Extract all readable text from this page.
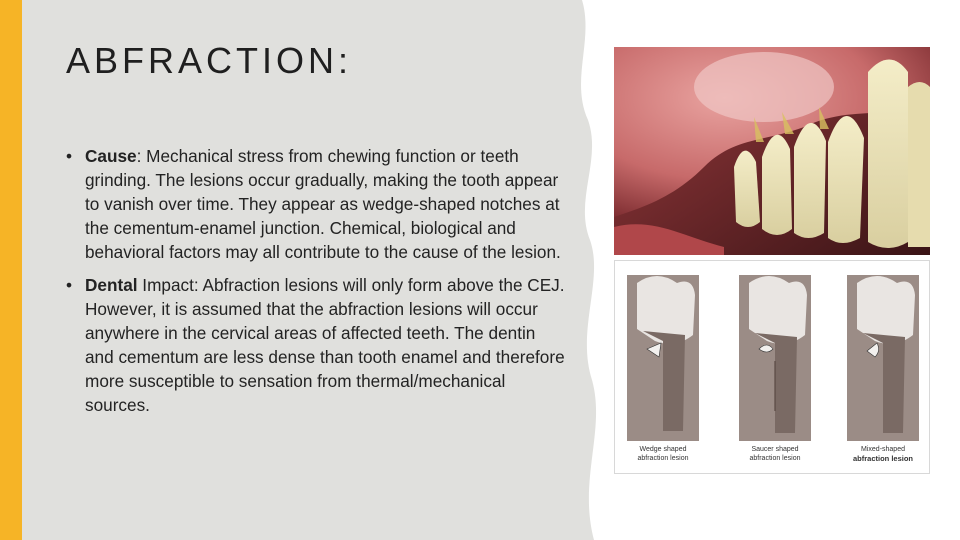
ABFRACTION:
• Cause: Mechanical stress from chewing function or teeth grinding. The lesions occur gradually, making the tooth appear to vanish over time. They appear as wedge-shaped notches at the cementum-enamel junction. Chemical, biological and behavioral factors may all contribute to the cause of the lesion.
• Dental Impact: Abfraction lesions will only form above the CEJ. However, it is assumed that the abfraction lesions will occur anywhere in the cervical areas of affected teeth. The dentin and cementum are less dense than tooth enamel and therefore more susceptible to sensation from thermal/mechanical sources.
Wedge shaped
abfraction lesion
Saucer shaped
abfraction lesion
Mixed-shaped
abfraction lesion
